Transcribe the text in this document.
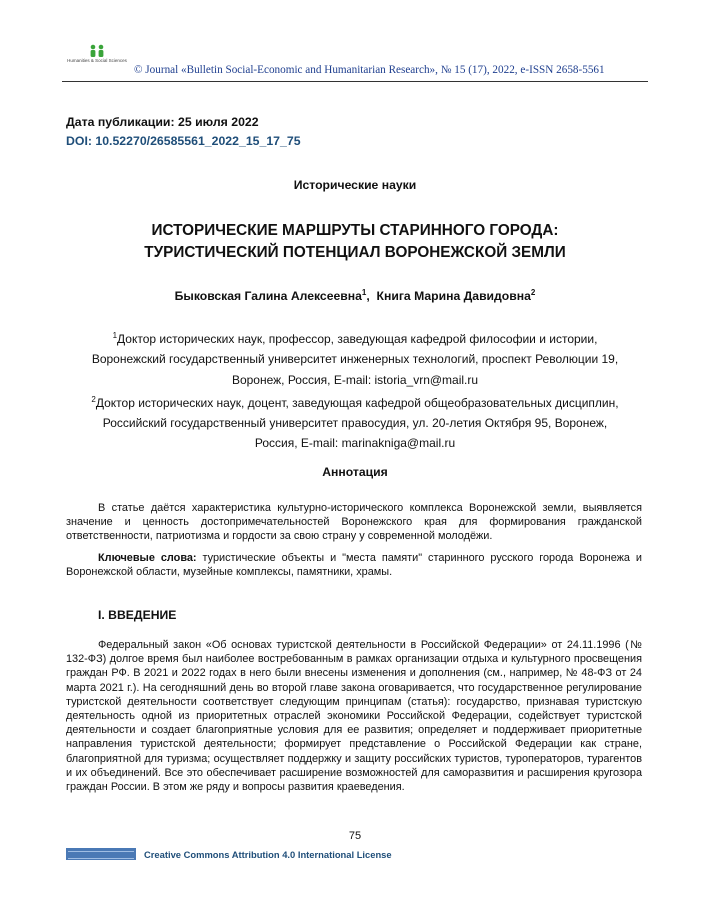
Humanities & Social Sciences
© Journal «Bulletin Social-Economic and Humanitarian Research», № 15 (17), 2022, e-ISSN 2658-5561
Дата публикации: 25 июля 2022
DOI: 10.52270/26585561_2022_15_17_75
Исторические науки
ИСТОРИЧЕСКИЕ МАРШРУТЫ СТАРИННОГО ГОРОДА:
ТУРИСТИЧЕСКИЙ ПОТЕНЦИАЛ ВОРОНЕЖСКОЙ ЗЕМЛИ
Быковская Галина Алексеевна$^1$,  Книга Марина Давидовна$^2$
$^1$Доктор исторических наук, профессор, заведующая кафедрой философии и истории,
Воронежский государственный университет инженерных технологий, проспект Революции 19,
Воронеж, Россия, E-mail: istoria_vrn@mail.ru
$^2$Доктор исторических наук, доцент, заведующая кафедрой общеобразовательных дисциплин,
Российский государственный университет правосудия, ул. 20-летия Октября 95, Воронеж,
Россия, E-mail: marinakniga@mail.ru
Аннотация
В статье даётся характеристика культурно-исторического комплекса Воронежской земли, выявляется значение и ценность достопримечательностей Воронежского края для формирования гражданской ответственности, патриотизма и гордости за свою страну у современной молодёжи.
Ключевые слова: туристические объекты и "места памяти" старинного русского города Воронежа и Воронежской области, музейные комплексы, памятники, храмы.
I. ВВЕДЕНИЕ
Федеральный закон «Об основах туристской деятельности в Российской Федерации» от 24.11.1996 (№ 132-ФЗ) долгое время был наиболее востребованным в рамках организации отдыха и культурного просвещения граждан РФ. В 2021 и 2022 годах в него были внесены изменения и дополнения (см., например, № 48-ФЗ от 24 марта 2021 г.). На сегодняшний день во второй главе закона оговаривается, что государственное регулирование туристской деятельности соответствует следующим принципам (статья): государство, признавая туристскую деятельность одной из приоритетных отраслей экономики Российской Федерации, содействует туристской деятельности и создает благоприятные условия для ее развития; определяет и поддерживает приоритетные направления туристской деятельности; формирует представление о Российской Федерации как стране, благоприятной для туризма; осуществляет поддержку и защиту российских туристов, туроператоров, турагентов и их объединений. Все это обеспечивает расширение возможностей для саморазвития и расширения кругозора граждан России. В этом же ряду и вопросы развития краеведения.
75
Creative Commons Attribution 4.0 International License
